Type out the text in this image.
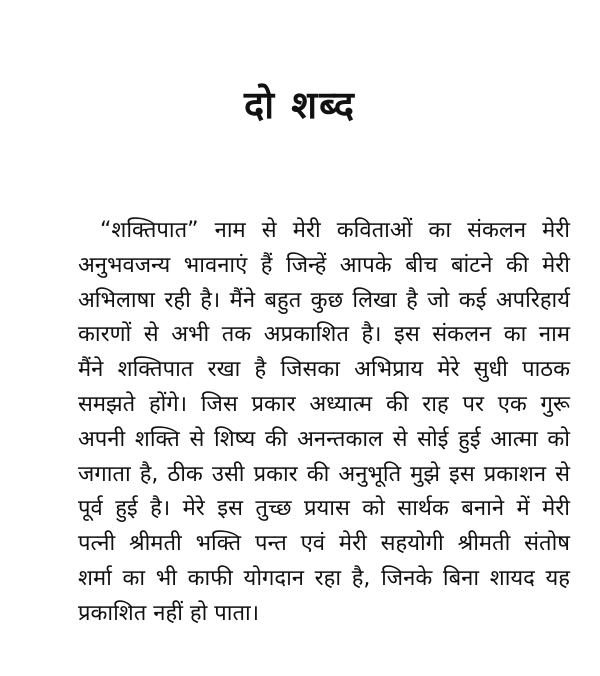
दो शब्द
“शक्तिपात” नाम से मेरी कविताओं का संकलन मेरी
अनुभवजन्य भावनाएं हैं जिन्हें आपके बीच बांटने की मेरी
अभिलाषा रही है। मैंने बहुत कुछ लिखा है जो कई अपरिहार्य
कारणों से अभी तक अप्रकाशित है। इस संकलन का नाम
मैंने शक्तिपात रखा है जिसका अभिप्राय मेरे सुधी पाठक
समझते होंगे। जिस प्रकार अध्यात्म की राह पर एक गुरू
अपनी शक्ति से शिष्य की अनन्तकाल से सोई हुई आत्मा को
जगाता है, ठीक उसी प्रकार की अनुभूति मुझे इस प्रकाशन से
पूर्व हुई है। मेरे इस तुच्छ प्रयास को सार्थक बनाने में मेरी
पत्नी श्रीमती भक्ति पन्त एवं मेरी सहयोगी श्रीमती संतोष
शर्मा का भी काफी योगदान रहा है, जिनके बिना शायद यह
प्रकाशित नहीं हो पाता।
